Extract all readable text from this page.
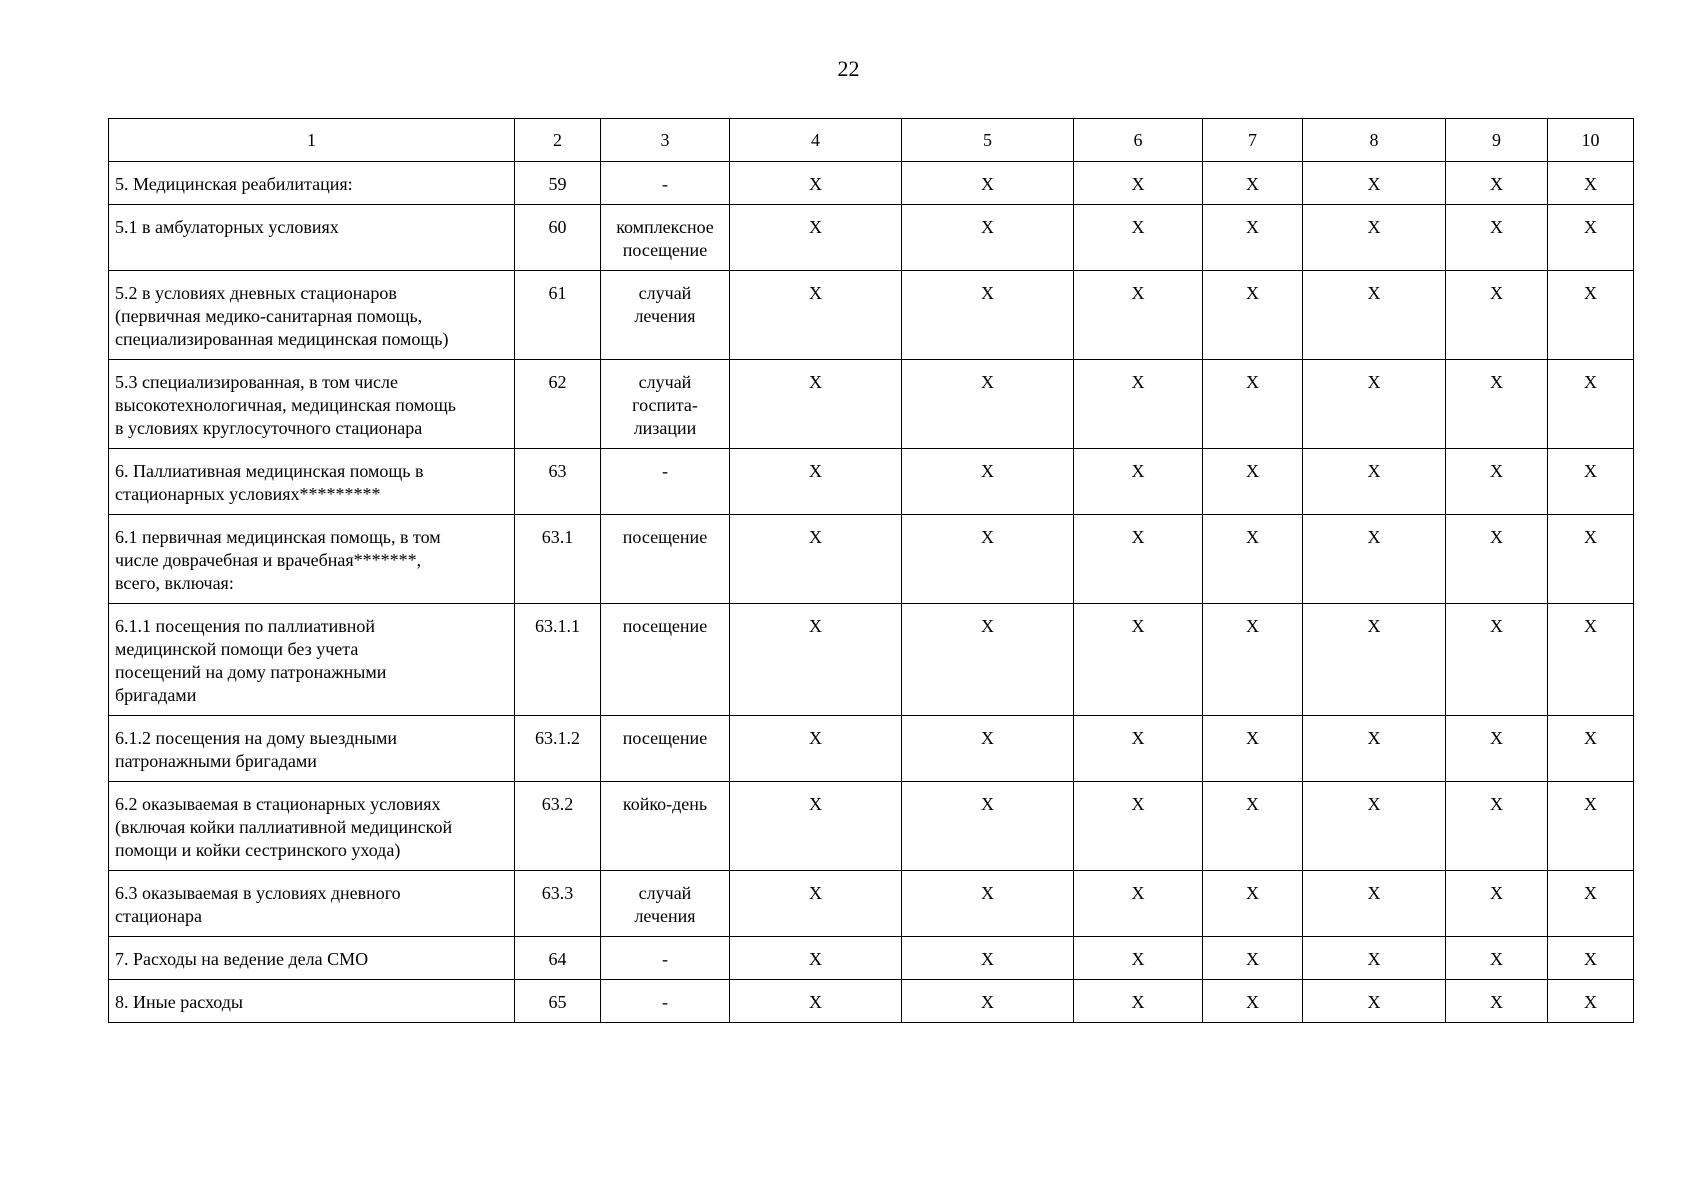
22
1	2	3	4	5	6	7	8	9	10

5. Медицинская реабилитация:	59	-	X	X	X	X	X	X	X

5.1 в амбулаторных условиях	60	комплексное
посещение	X	X	X	X	X	X	X

5.2 в условиях дневных стационаров
(первичная медико-санитарная помощь,
специализированная медицинская помощь)	61	случай
лечения	X	X	X	X	X	X	X

5.3 специализированная, в том числе
высокотехнологичная, медицинская помощь
в условиях круглосуточного стационара	62	случай
госпита-
лизации	X	X	X	X	X	X	X

6. Паллиативная медицинская помощь в
стационарных условиях*********	63	-	X	X	X	X	X	X	X

6.1 первичная медицинская помощь, в том
числе доврачебная и врачебная*******,
всего, включая:	63.1	посещение	X	X	X	X	X	X	X

6.1.1 посещения по паллиативной
медицинской помощи без учета
посещений на дому патронажными
бригадами	63.1.1	посещение	X	X	X	X	X	X	X

6.1.2 посещения на дому выездными
патронажными бригадами	63.1.2	посещение	X	X	X	X	X	X	X

6.2 оказываемая в стационарных условиях
(включая койки паллиативной медицинской
помощи и койки сестринского ухода)	63.2	койко-день	X	X	X	X	X	X	X

6.3 оказываемая в условиях дневного
стационара	63.3	случай
лечения	X	X	X	X	X	X	X

7. Расходы на ведение дела СМО	64	-	X	X	X	X	X	X	X

8. Иные расходы	65	-	X	X	X	X	X	X	X
